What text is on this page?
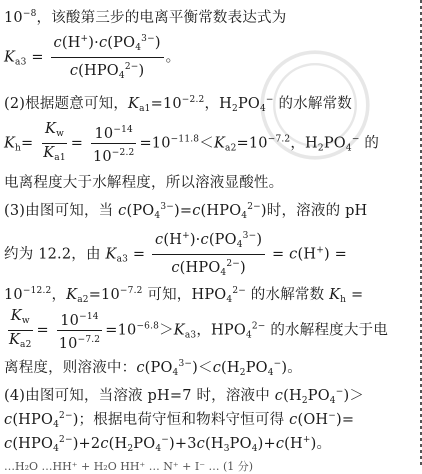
$10^{-8}$，该酸第三步的电离平衡常数表达式为
$K_{a3} = \frac{c(H^+)\cdot c(PO_4^{3-})}{c(HPO_4^{2-})}$ 。
(2)根据题意可知，$K_{a1}=10^{-2.2}$，$H_2PO_4^-$ 的水解常数
$K_h= \frac{K_w}{K_{a1}} = \frac{10^{-14}}{10^{-2.2}} =10^{-11.8}<K_{a2}=10^{-7.2}$，$H_2PO_4^-$ 的
电离程度大于水解程度，所以溶液显酸性。
(3)由图可知，当 $c(PO_4^{3-})=c(HPO_4^{2-})$时，溶液的 pH
约为 12.2，由 $K_{a3} = \frac{c(H^+)\cdot c(PO_4^{3-})}{c(HPO_4^{2-})} = c(H^+)$ =
$10^{-12.2}$，$K_{a2}=10^{-7.2}$ 可知，$HPO_4^{2-}$ 的水解常数 $K_h$ =
$\frac{K_w}{K_{a2}} = \frac{10^{-14}}{10^{-7.2}} =10^{-6.8}>K_{a3}$，$HPO_4^{2-}$ 的水解程度大于电
离程度，则溶液中：$c(PO_4^{3-})<c(H_2PO_4^-)$。
(4)由图可知，当溶液 pH=7 时，溶液中 $c(H_2PO_4^-)>$
$c(HPO_4^{2-})$；根据电荷守恒和物料守恒可得 c(OH−)=
$c(HPO_4^{2-})+2c(H_2PO_4^-)+3c(H_3PO_4)+c(H^+)$。
…H₂O …HH⁺ + H₂O HH⁺ … N⁺ + I⁻ … (1 分)
